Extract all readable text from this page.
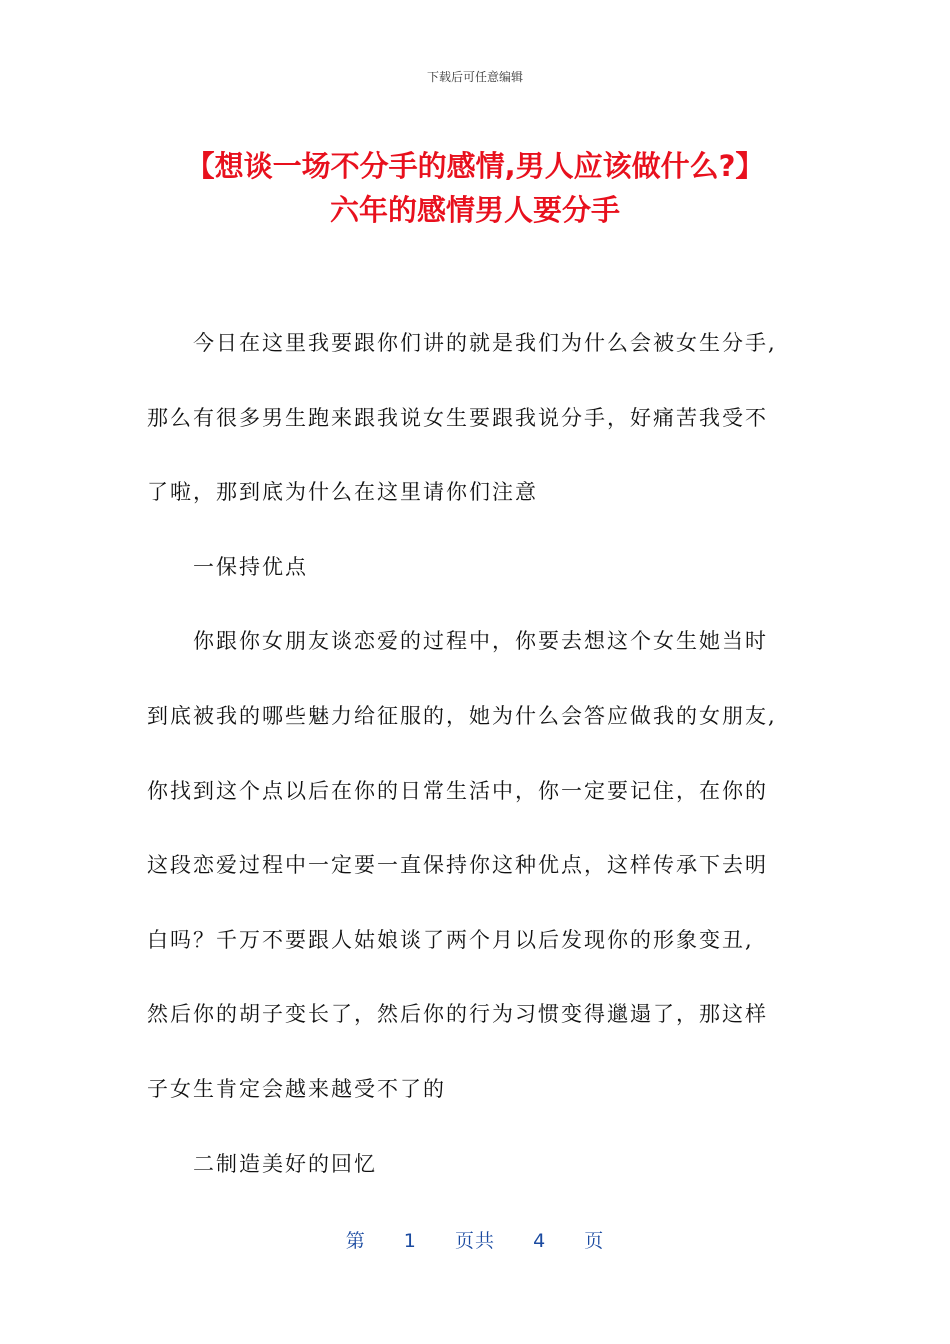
下载后可任意编辑
【想谈一场不分手的感情,男人应该做什么?】
六年的感情男人要分手
今日在这里我要跟你们讲的就是我们为什么会被女生分手,
那么有很多男生跑来跟我说女生要跟我说分手，好痛苦我受不
了啦，那到底为什么在这里请你们注意
一保持优点
你跟你女朋友谈恋爱的过程中，你要去想这个女生她当时
到底被我的哪些魅力给征服的，她为什么会答应做我的女朋友,
你找到这个点以后在你的日常生活中，你一定要记住，在你的
这段恋爱过程中一定要一直保持你这种优点，这样传承下去明
白吗？千万不要跟人姑娘谈了两个月以后发现你的形象变丑,
然后你的胡子变长了，然后你的行为习惯变得邋遢了，那这样
子女生肯定会越来越受不了的
二制造美好的回忆
第 1 页共 4 页
